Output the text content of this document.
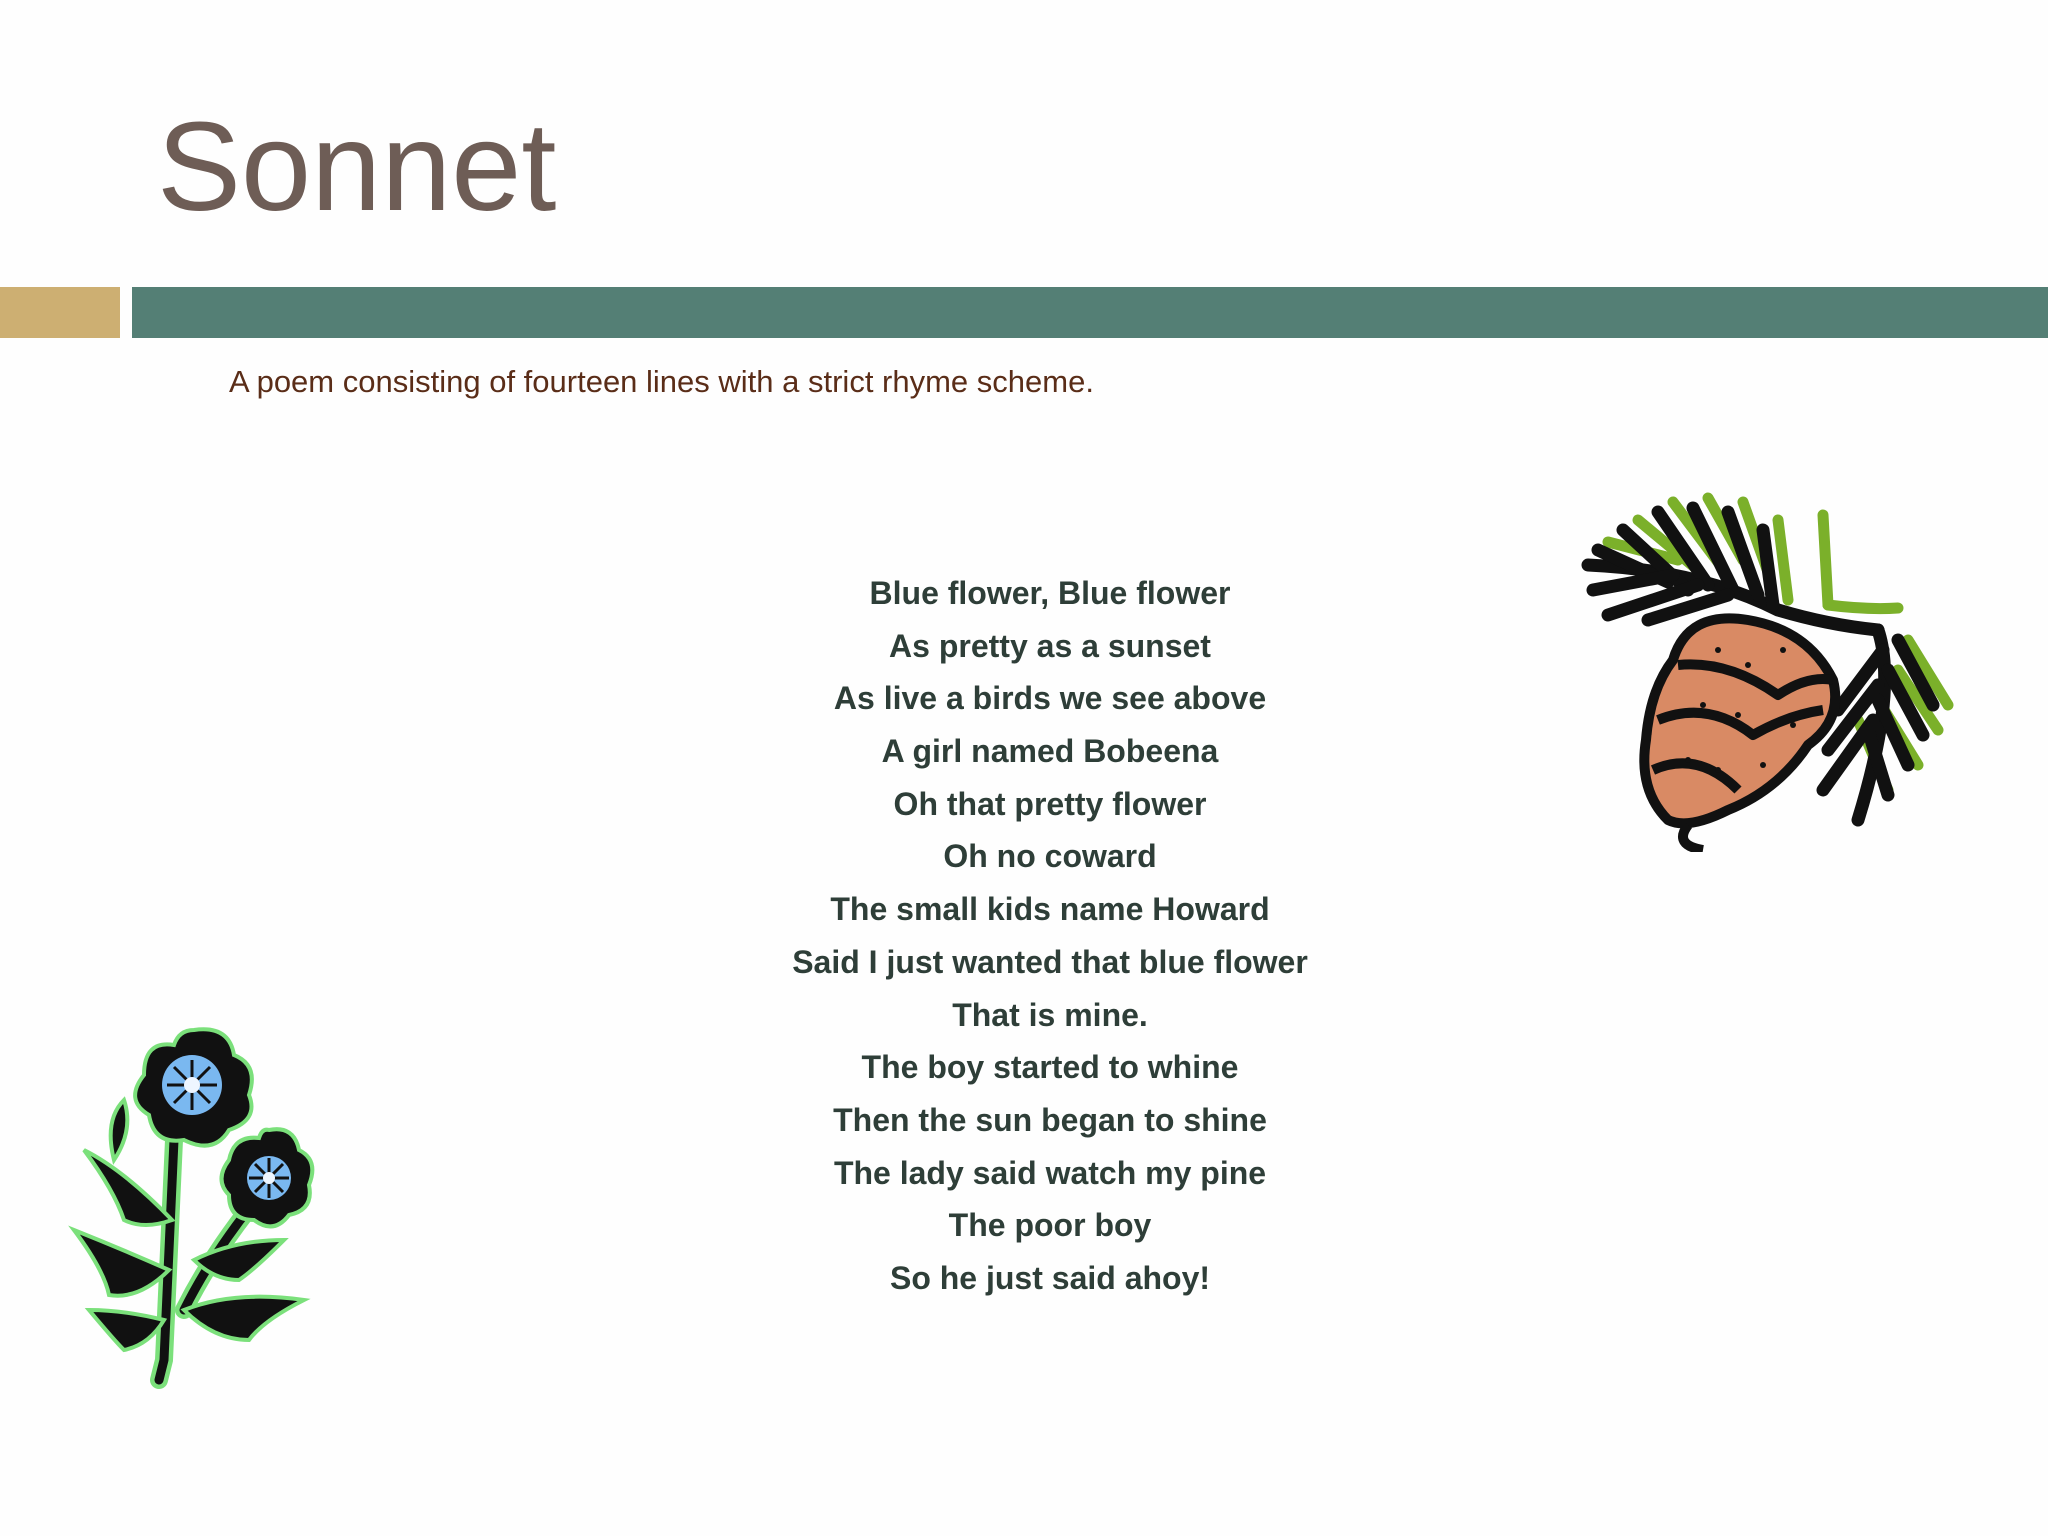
Sonnet
A poem consisting of fourteen lines with a strict rhyme scheme.
Blue flower, Blue flower
As pretty as a sunset
As live a birds we see above
A girl named Bobeena
Oh that pretty flower
Oh no coward
The small kids name Howard
Said I just wanted that blue flower
That is mine.
The boy started to whine
Then the sun began to shine
The lady said watch my pine
The poor boy
So he just said ahoy!
